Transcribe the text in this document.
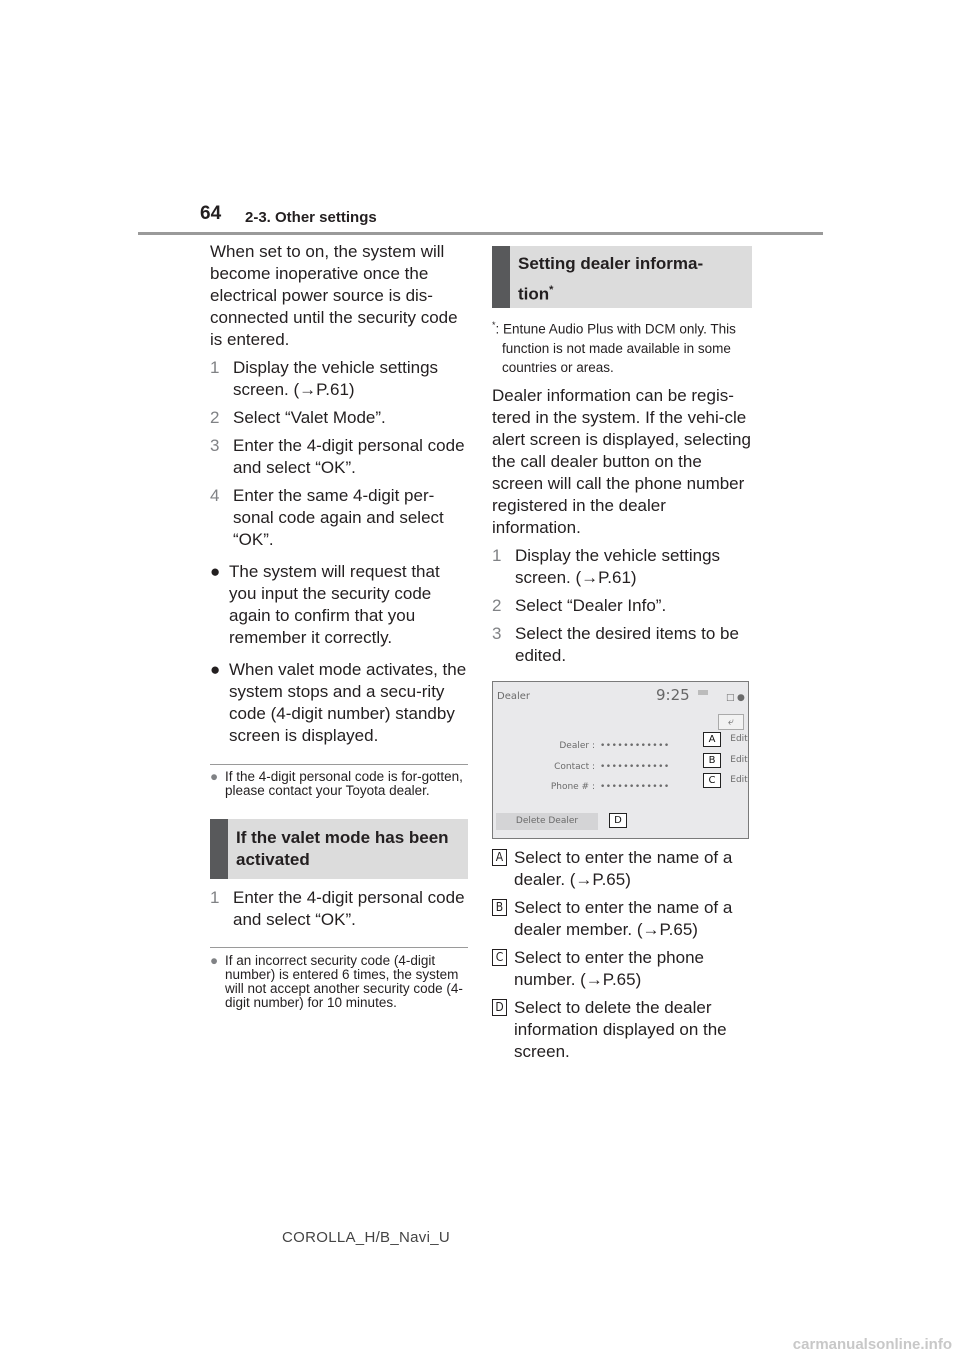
64 2-3. Other settings

When set to on, the system will become inoperative once the electrical power source is dis-connected until the security code is entered.

1 Display the vehicle settings screen. (→P.61)
2 Select “Valet Mode”.
3 Enter the 4-digit personal code and select “OK”.
4 Enter the same 4-digit per-sonal code again and select “OK”.
● The system will request that you input the security code again to confirm that you remember it correctly.
● When valet mode activates, the system stops and a secu-rity code (4-digit number) standby screen is displayed.
● If the 4-digit personal code is for-gotten, please contact your Toyota dealer.
If the valet mode has been activated
1 Enter the 4-digit personal code and select “OK”.
● If an incorrect security code (4-digit number) is entered 6 times, the system will not accept another security code (4-digit number) for 10 minutes.
Setting dealer informa-
tion*

*: Entune Audio Plus with DCM only. This function is not made available in some countries or areas.

Dealer information can be regis-tered in the system. If the vehi-cle alert screen is displayed, selecting the call dealer button on the screen will call the phone number registered in the dealer information.

1 Display the vehicle settings screen. (→P.61)
2 Select “Dealer Info”.
3 Select the desired items to be edited.
Dealer	9:25	□ ●
⤶
Dealer : ••••••••••••
A	Edit
Contact : ••••••••••••
B	Edit
Phone # : ••••••••••••
C	Edit
Delete Dealer	D
A Select to enter the name of a dealer. (→P.65)
B Select to enter the name of a dealer member. (→P.65)
C Select to enter the phone number. (→P.65)
D Select to delete the dealer information displayed on the screen.
COROLLA_H/B_Navi_U
carmanualsonline.info
